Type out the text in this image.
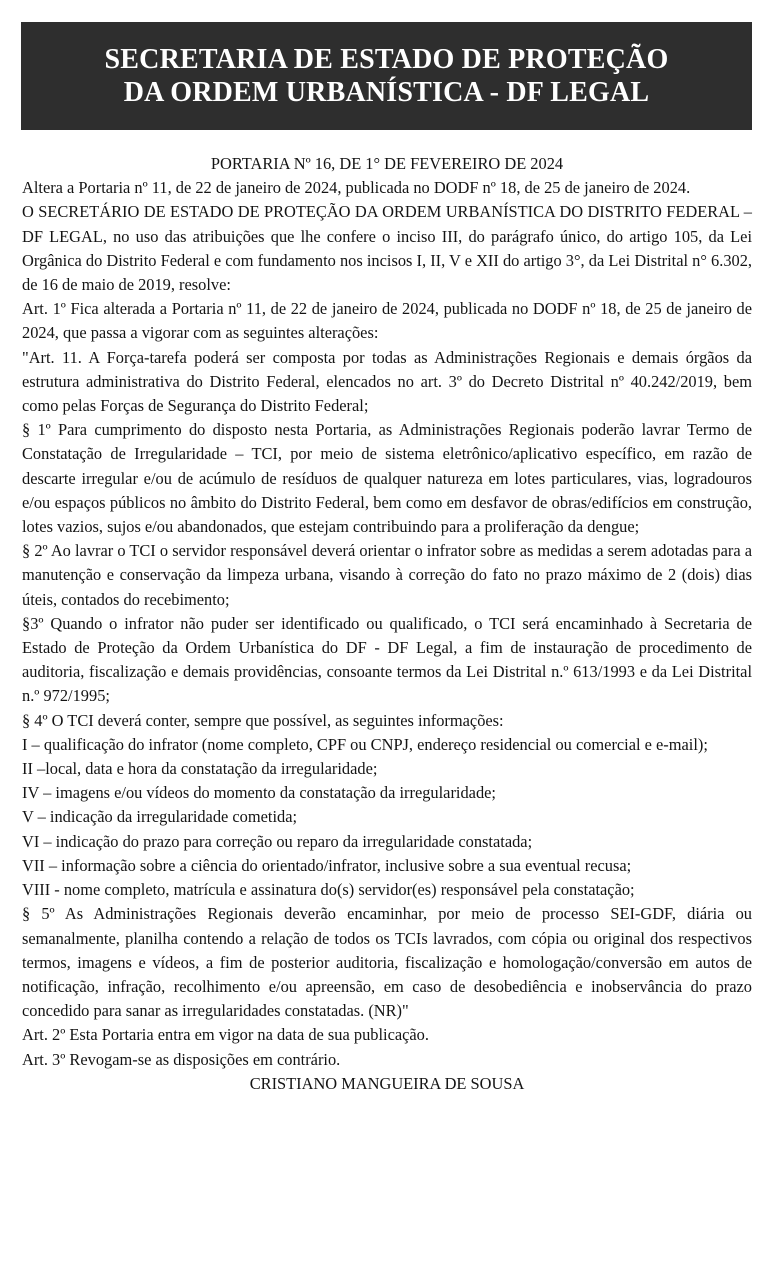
SECRETARIA DE ESTADO DE PROTEÇÃO
DA ORDEM URBANÍSTICA - DF LEGAL

PORTARIA Nº 16, DE 1° DE FEVEREIRO DE 2024

Altera a Portaria nº 11, de 22 de janeiro de 2024, publicada no DODF nº 18, de 25 de janeiro de 2024.

O SECRETÁRIO DE ESTADO DE PROTEÇÃO DA ORDEM URBANÍSTICA DO DISTRITO FEDERAL – DF LEGAL, no uso das atribuições que lhe confere o inciso III, do parágrafo único, do artigo 105, da Lei Orgânica do Distrito Federal e com fundamento nos incisos I, II, V e XII do artigo 3°, da Lei Distrital n° 6.302, de 16 de maio de 2019, resolve:

Art. 1º Fica alterada a Portaria nº 11, de 22 de janeiro de 2024, publicada no DODF nº 18, de 25 de janeiro de 2024, que passa a vigorar com as seguintes alterações:

"Art. 11. A Força-tarefa poderá ser composta por todas as Administrações Regionais e demais órgãos da estrutura administrativa do Distrito Federal, elencados no art. 3º do Decreto Distrital nº 40.242/2019, bem como pelas Forças de Segurança do Distrito Federal;

§ 1º Para cumprimento do disposto nesta Portaria, as Administrações Regionais poderão lavrar Termo de Constatação de Irregularidade – TCI, por meio de sistema eletrônico/aplicativo específico, em razão de descarte irregular e/ou de acúmulo de resíduos de qualquer natureza em lotes particulares, vias, logradouros e/ou espaços públicos no âmbito do Distrito Federal, bem como em desfavor de obras/edifícios em construção, lotes vazios, sujos e/ou abandonados, que estejam contribuindo para a proliferação da dengue;

§ 2º Ao lavrar o TCI o servidor responsável deverá orientar o infrator sobre as medidas a serem adotadas para a manutenção e conservação da limpeza urbana, visando à correção do fato no prazo máximo de 2 (dois) dias úteis, contados do recebimento;

§3º Quando o infrator não puder ser identificado ou qualificado, o TCI será encaminhado à Secretaria de Estado de Proteção da Ordem Urbanística do DF - DF Legal, a fim de instauração de procedimento de auditoria, fiscalização e demais providências, consoante termos da Lei Distrital n.º 613/1993 e da Lei Distrital n.º 972/1995;

§ 4º O TCI deverá conter, sempre que possível, as seguintes informações:

I – qualificação do infrator (nome completo, CPF ou CNPJ, endereço residencial ou comercial e e-mail);

II –local, data e hora da constatação da irregularidade;

IV – imagens e/ou vídeos do momento da constatação da irregularidade;

V – indicação da irregularidade cometida;

VI – indicação do prazo para correção ou reparo da irregularidade constatada;

VII – informação sobre a ciência do orientado/infrator, inclusive sobre a sua eventual recusa;

VIII - nome completo, matrícula e assinatura do(s) servidor(es) responsável pela constatação;

§ 5º As Administrações Regionais deverão encaminhar, por meio de processo SEI-GDF, diária ou semanalmente, planilha contendo a relação de todos os TCIs lavrados, com cópia ou original dos respectivos termos, imagens e vídeos, a fim de posterior auditoria, fiscalização e homologação/conversão em autos de notificação, infração, recolhimento e/ou apreensão, em caso de desobediência e inobservância do prazo concedido para sanar as irregularidades constatadas. (NR)"

Art. 2º Esta Portaria entra em vigor na data de sua publicação.

Art. 3º Revogam-se as disposições em contrário.

CRISTIANO MANGUEIRA DE SOUSA
